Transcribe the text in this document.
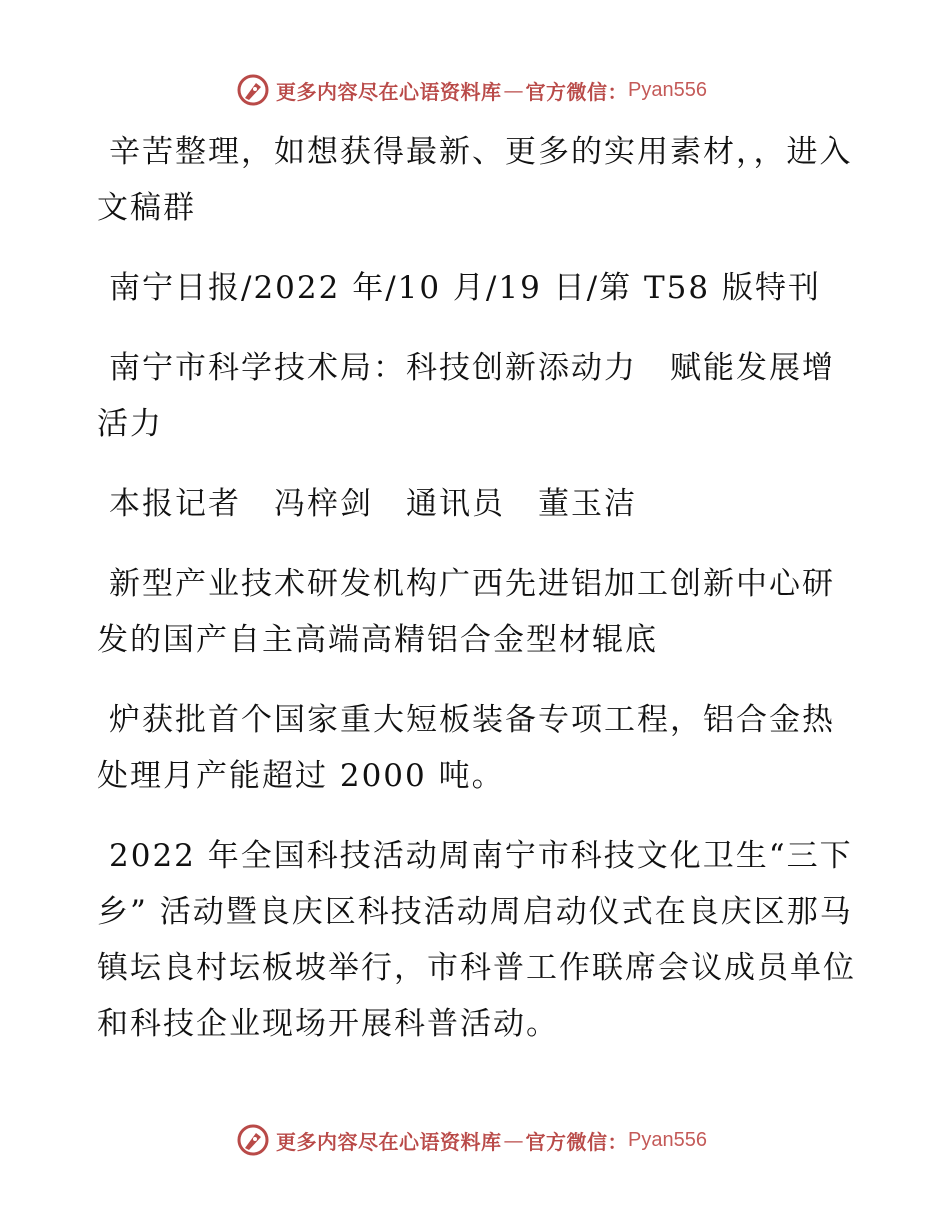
更多内容尽在心语资料库 — 官方微信： Pyan556

辛苦整理，如想获得最新、更多的实用素材，，进入文稿群

南宁日报/2022 年/10 月/19 日/第 T58 版特刊

南宁市科学技术局：科技创新添动力　赋能发展增活力

本报记者　冯梓剑　通讯员　董玉洁

新型产业技术研发机构广西先进铝加工创新中心研发的国产自主高端高精铝合金型材辊底

炉获批首个国家重大短板装备专项工程，铝合金热处理月产能超过 2000 吨。

2022 年全国科技活动周南宁市科技文化卫生“三下乡” 活动暨良庆区科技活动周启动仪式在良庆区那马镇坛良村坛板坡举行，市科普工作联席会议成员单位和科技企业现场开展科普活动。

更多内容尽在心语资料库 — 官方微信： Pyan556
